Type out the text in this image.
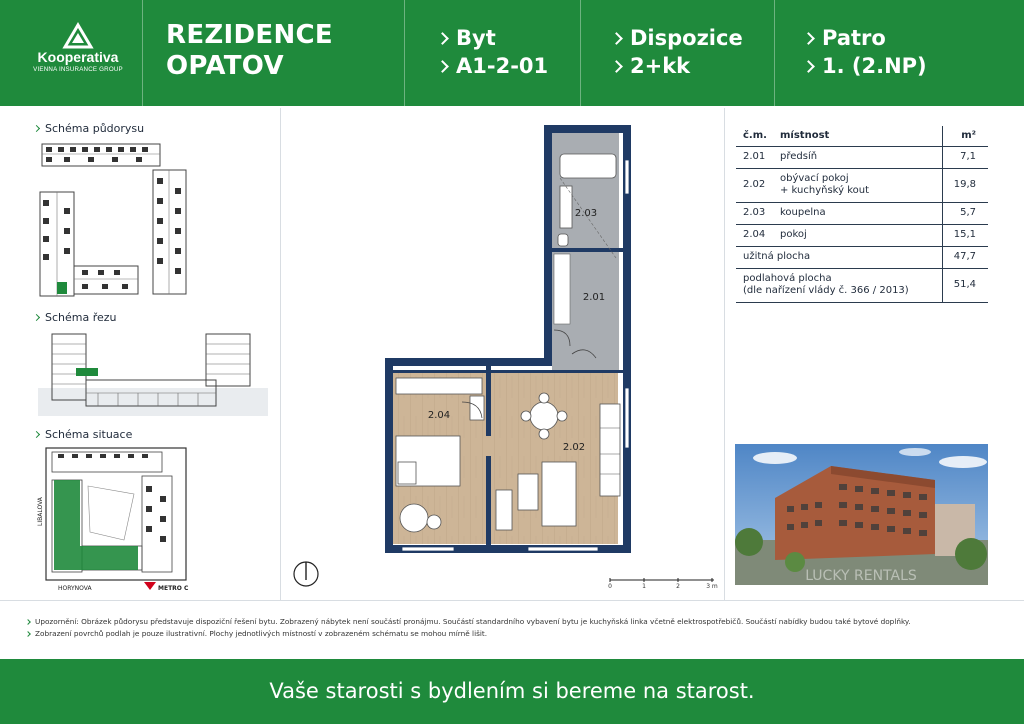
Kooperativa
VIENNA INSURANCE GROUP
REZIDENCE
OPATOV
Byt
A1-2-01
Dispozice
2+kk
Patro
1. (2.NP)
Schéma půdorysu
Schéma řezu
Schéma situace
LIBALOVA
HORYNOVA	METRO C
2.03
2.01
2.04
2.02
0	1	2	3 m
č.m.	místnost	m²
2.01	předsíň	7,1
2.02	obývací pokoj
+ kuchyňský kout	19,8
2.03	koupelna	5,7
2.04	pokoj	15,1
užitná plocha		47,7

podlahová plocha
(dle nařízení vlády č. 366 / 2013)		51,4
LUCKY RENTALS
Upozornění: Obrázek půdorysu představuje dispoziční řešení bytu. Zobrazený nábytek není součástí pronájmu. Součástí standardního vybavení bytu je kuchyňská linka včetně elektrospotřebičů. Součástí nabídky budou také bytové doplňky.
Zobrazení povrchů podlah je pouze ilustrativní. Plochy jednotlivých místností v zobrazeném schématu se mohou mírně lišit.
Vaše starosti s bydlením si bereme na starost.
